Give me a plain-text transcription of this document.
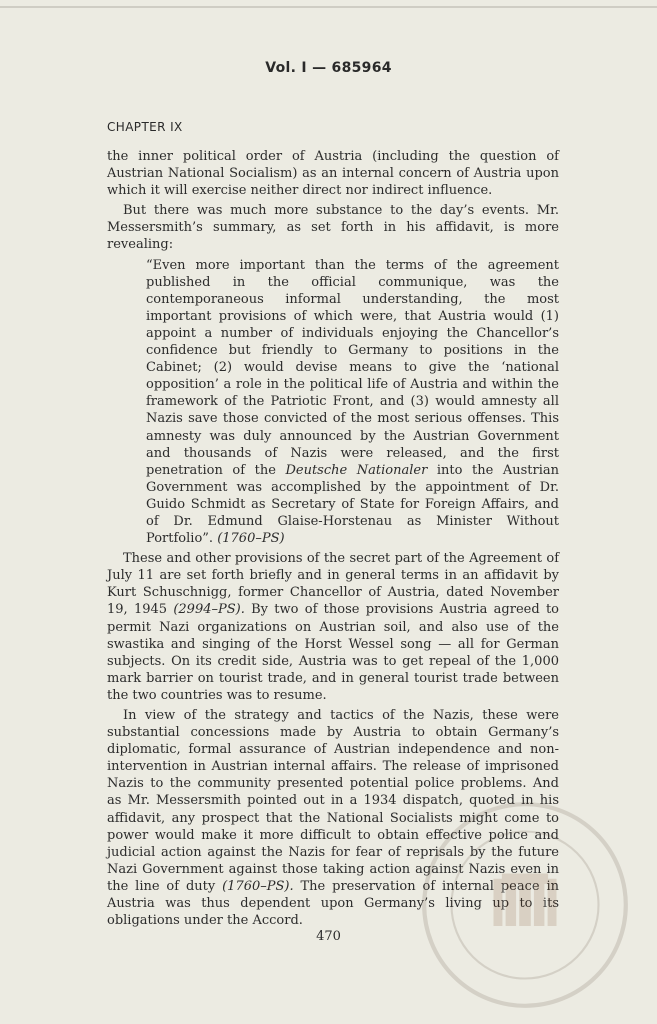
Vol. I — 685964
CHAPTER IX

the inner political order of Austria (including the question of Austrian National Socialism) as an internal concern of Austria upon which it will exercise neither direct nor indirect influence.

But there was much more substance to the day’s events. Mr. Messersmith’s summary, as set forth in his affidavit, is more revealing:

“Even more important than the terms of the agreement published in the official communique, was the contemporaneous informal understanding, the most important provisions of which were, that Austria would (1) appoint a number of individuals enjoying the Chancellor’s confidence but friendly to Germany to positions in the Cabinet; (2) would devise means to give the ‘national opposition’ a role in the political life of Austria and within the framework of the Patriotic Front, and (3) would amnesty all Nazis save those convicted of the most serious offenses. This amnesty was duly announced by the Austrian Government and thousands of Nazis were released, and the first penetration of the Deutsche Nationaler into the Austrian Government was accomplished by the appointment of Dr. Guido Schmidt as Secretary of State for Foreign Affairs, and of Dr. Edmund Glaise-Horstenau as Minister Without Portfolio”. (1760–PS)

These and other provisions of the secret part of the Agreement of July 11 are set forth briefly and in general terms in an affidavit by Kurt Schuschnigg, former Chancellor of Austria, dated November 19, 1945 (2994–PS). By two of those provisions Austria agreed to permit Nazi organizations on Austrian soil, and also use of the swastika and singing of the Horst Wessel song — all for German subjects. On its credit side, Austria was to get repeal of the 1,000 mark barrier on tourist trade, and in general tourist trade between the two countries was to resume.

In view of the strategy and tactics of the Nazis, these were substantial concessions made by Austria to obtain Germany’s diplomatic, formal assurance of Austrian independence and non-intervention in Austrian internal affairs. The release of imprisoned Nazis to the community presented potential police problems. And as Mr. Messersmith pointed out in a 1934 dispatch, quoted in his affidavit, any prospect that the National Socialists might come to power would make it more difficult to obtain effective police and judicial action against the Nazis for fear of reprisals by the future Nazi Government against those taking action against Nazis even in the line of duty (1760–PS). The preservation of internal peace in Austria was thus dependent upon Germany’s living up to its obligations under the Accord.

470
